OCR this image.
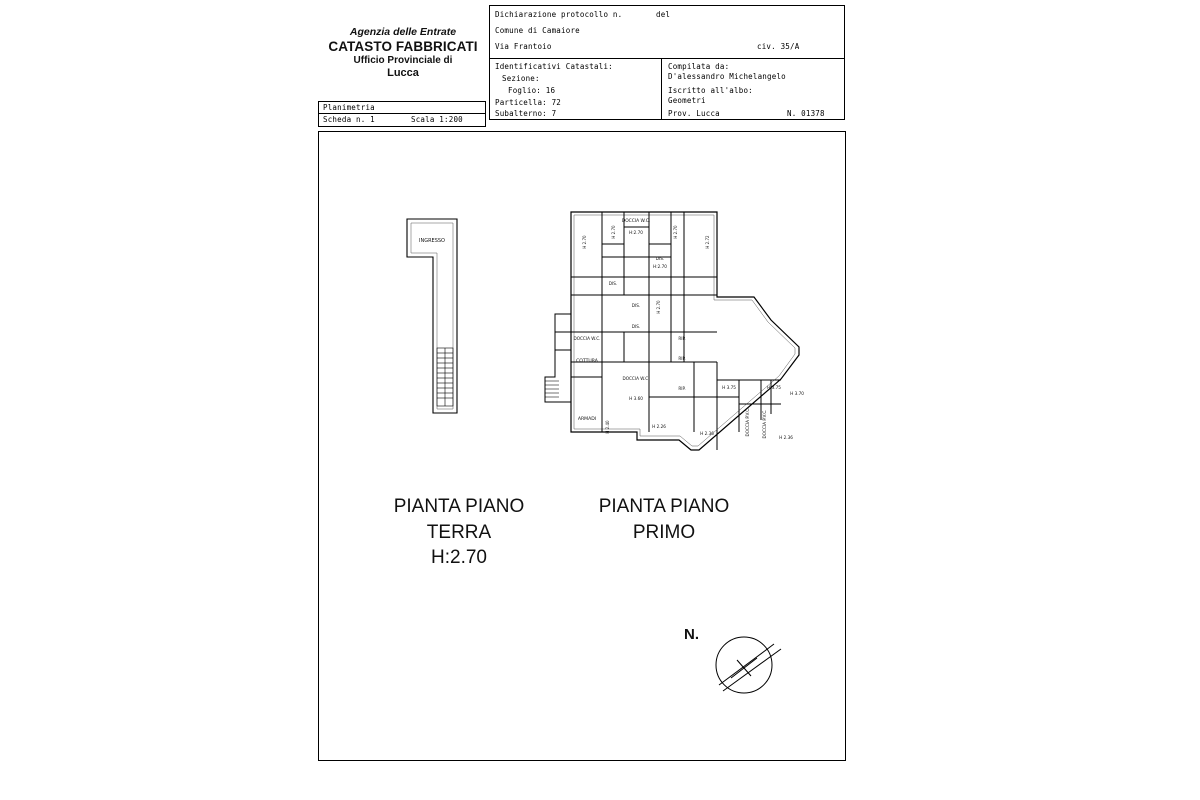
Agenzia delle Entrate
CATASTO FABBRICATI
Ufficio Provinciale di
Lucca
Planimetria
Scheda n. 1	Scala 1:200
Dichiarazione protocollo n.	del
Comune di Camaiore
Via Frantoio	civ. 35/A
Identificativi Catastali:
Sezione:
Foglio: 16
Particella: 72
Subalterno: 7
Compilata da:
D'alessandro Michelangelo
Iscritto all'albo:
Geometri
Prov. Lucca	N. 01378
INGRESSO
DOCCIA W.C.
H:2.70
DIS.
H:2.70
DIS.
DIS.
DIS.
DOCCIA W.C.
COTTURA
DOCCIA W.C.
ARMADI
RIP.
RIP.
RIP.
DOCCIA P.V.C.	DOCCIA P.V.C.
H 2.70
H 2.70
H 2.70
H 2.70
H 2.72
H 3.75	H 3.75
H 3.70
H 3.60
H 2.40	H 2.26
H 2.36
H 2.36
PIANTA PIANO
TERRA
H:2.70
PIANTA PIANO
PRIMO
N.
